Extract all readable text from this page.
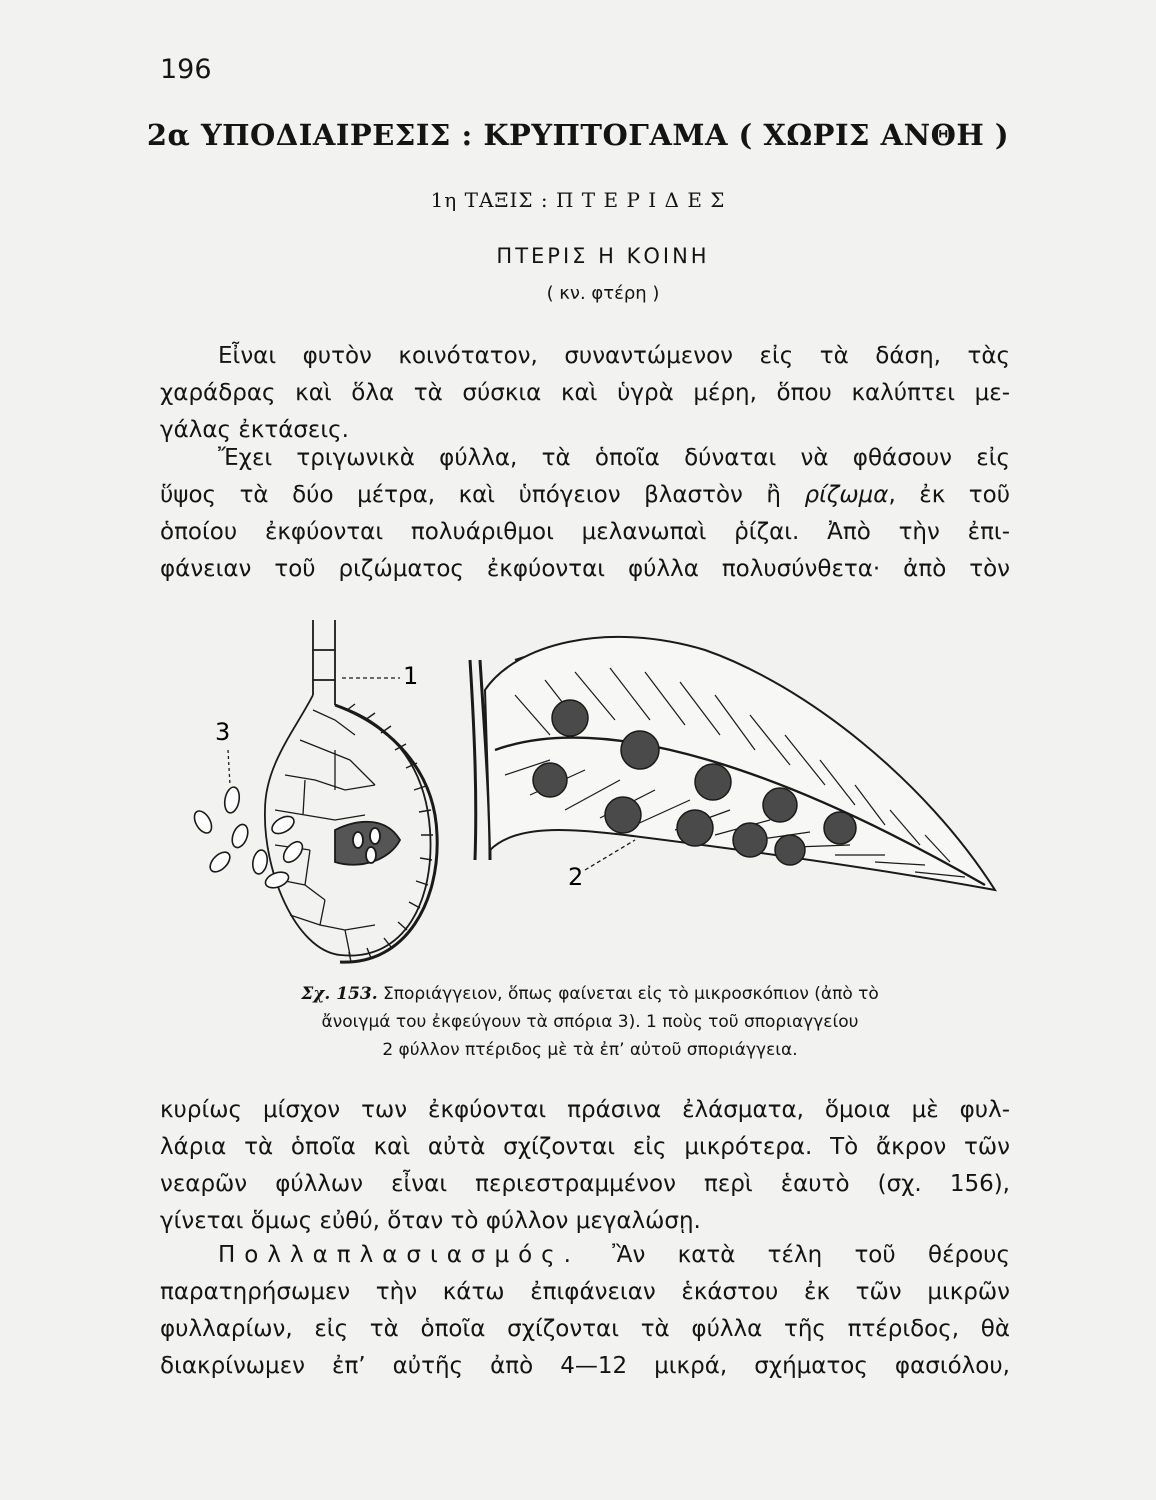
196
2α ΥΠΟΔΙΑΙΡΕΣΙΣ : ΚΡΥΠΤΟΓΑΜΑ ( ΧΩΡΙΣ ΑΝΘΗ )
1η ΤΑΞΙΣ : Π Τ Ε Ρ Ι Δ Ε Σ
ΠΤΕΡΙΣ Η ΚΟΙΝΗ
( κν. φτέρη )
Εἶναι φυτὸν κοινότατον, συναντώμενον εἰς τὰ δάση, τὰς
χαράδρας καὶ ὅλα τὰ σύσκια καὶ ὑγρὰ μέρη, ὅπου καλύπτει με-
γάλας ἐκτάσεις.
Ἔχει τριγωνικὰ φύλλα, τὰ ὁποῖα δύναται νὰ φθάσουν εἰς
ὕψος τὰ δύο μέτρα, καὶ ὑπόγειον βλαστὸν ἢ ρίζωμα, ἐκ τοῦ
ὁποίου ἐκφύονται πολυάριθμοι μελανωπαὶ ῥίζαι. Ἀπὸ τὴν ἐπι-
φάνειαν τοῦ ριζώματος ἐκφύονται φύλλα πολυσύνθετα· ἀπὸ τὸν
1
3
2
Σχ. 153. Σποριάγγειον, ὅπως φαίνεται εἰς τὸ μικροσκόπιον (ἀπὸ τὸ
ἄνοιγμά του ἐκφεύγουν τὰ σπόρια 3). 1 ποὺς τοῦ σποριαγγείου
2 φύλλον πτέριδος μὲ τὰ ἐπ’ αὐτοῦ σποριάγγεια.
κυρίως μίσχον των ἐκφύονται πράσινα ἐλάσματα, ὅμοια μὲ φυλ-
λάρια τὰ ὁποῖα καὶ αὐτὰ σχίζονται εἰς μικρότερα. Τὸ ἄκρον τῶν
νεαρῶν φύλλων εἶναι περιεστραμμένον περὶ ἑαυτὸ (σχ. 156),
γίνεται ὅμως εὐθύ, ὅταν τὸ φύλλον μεγαλώσῃ.
Πολλαπλασιασμός. Ἂν κατὰ τέλη τοῦ θέρους
παρατηρήσωμεν τὴν κάτω ἐπιφάνειαν ἑκάστου ἐκ τῶν μικρῶν
φυλλαρίων, εἰς τὰ ὁποῖα σχίζονται τὰ φύλλα τῆς πτέριδος, θὰ
διακρίνωμεν ἐπ’ αὐτῆς ἀπὸ 4—12 μικρά, σχήματος φασιόλου,
